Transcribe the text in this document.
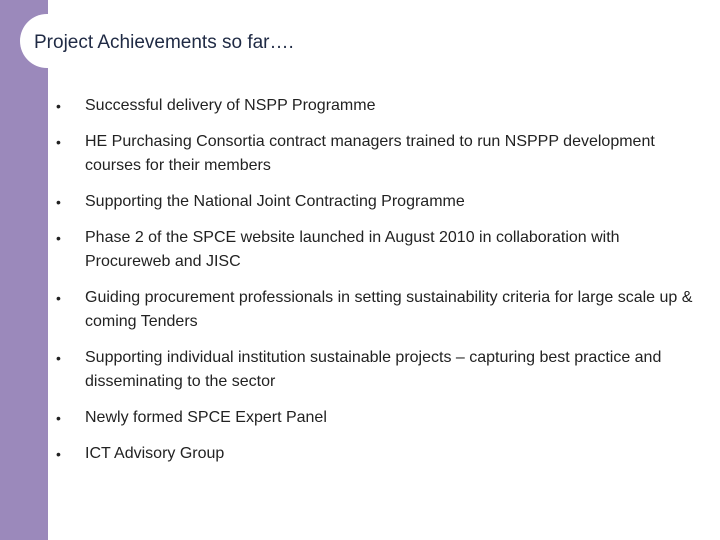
Project Achievements so far….
•	Successful delivery of NSPP Programme
•	HE Purchasing Consortia contract managers trained to run NSPPP development courses for their members
•	Supporting the National Joint Contracting Programme
•	Phase 2 of the SPCE website launched in August 2010 in collaboration with Procureweb and JISC
•	Guiding procurement professionals in setting sustainability criteria for large scale up & coming Tenders
•	Supporting individual institution sustainable projects – capturing best practice and disseminating to the sector
•	Newly formed SPCE Expert Panel
•	ICT Advisory Group
